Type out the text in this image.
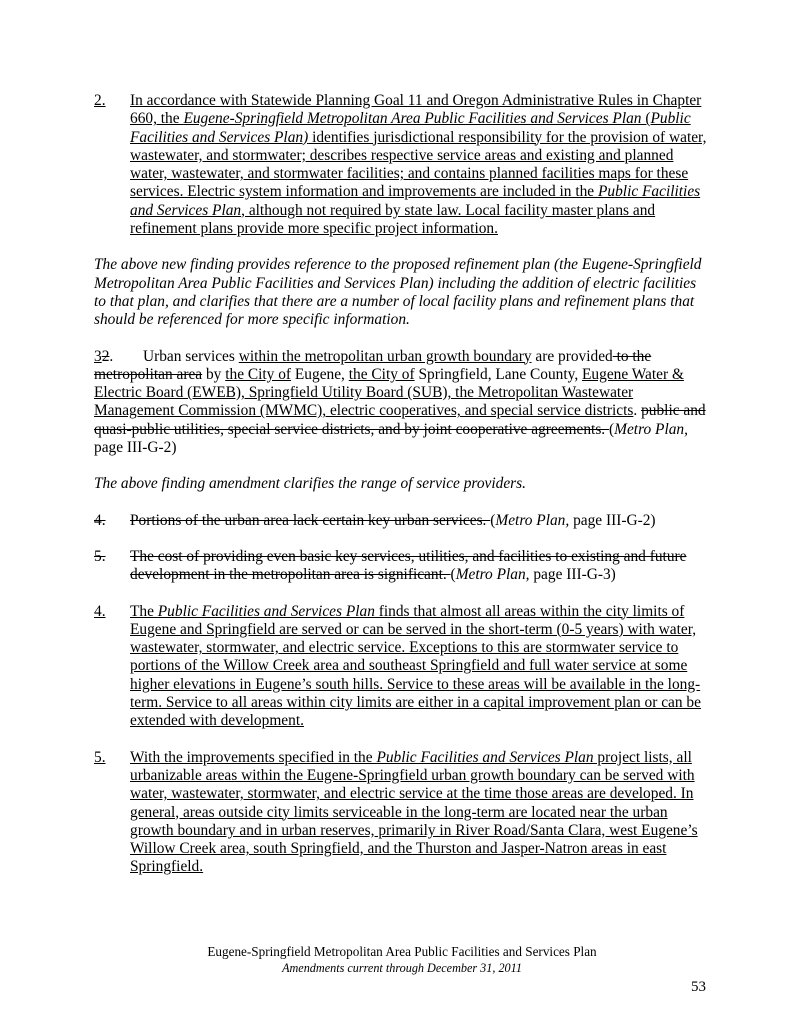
2. In accordance with Statewide Planning Goal 11 and Oregon Administrative Rules in Chapter 660, the Eugene-Springfield Metropolitan Area Public Facilities and Services Plan (Public Facilities and Services Plan) identifies jurisdictional responsibility for the provision of water, wastewater, and stormwater; describes respective service areas and existing and planned water, wastewater, and stormwater facilities; and contains planned facilities maps for these services. Electric system information and improvements are included in the Public Facilities and Services Plan, although not required by state law. Local facility master plans and refinement plans provide more specific project information.
The above new finding provides reference to the proposed refinement plan (the Eugene-Springfield Metropolitan Area Public Facilities and Services Plan) including the addition of electric facilities to that plan, and clarifies that there are a number of local facility plans and refinement plans that should be referenced for more specific information.
32. Urban services within the metropolitan urban growth boundary are provided to the metropolitan area by the City of Eugene, the City of Springfield, Lane County, Eugene Water & Electric Board (EWEB), Springfield Utility Board (SUB), the Metropolitan Wastewater Management Commission (MWMC), electric cooperatives, and special service districts. public and quasi-public utilities, special service districts, and by joint cooperative agreements. (Metro Plan, page III-G-2)
The above finding amendment clarifies the range of service providers.
4. Portions of the urban area lack certain key urban services. (Metro Plan, page III-G-2)
5. The cost of providing even basic key services, utilities, and facilities to existing and future development in the metropolitan area is significant. (Metro Plan, page III-G-3)
4. The Public Facilities and Services Plan finds that almost all areas within the city limits of Eugene and Springfield are served or can be served in the short-term (0-5 years) with water, wastewater, stormwater, and electric service. Exceptions to this are stormwater service to portions of the Willow Creek area and southeast Springfield and full water service at some higher elevations in Eugene’s south hills. Service to these areas will be available in the long-term. Service to all areas within city limits are either in a capital improvement plan or can be extended with development.
5. With the improvements specified in the Public Facilities and Services Plan project lists, all urbanizable areas within the Eugene-Springfield urban growth boundary can be served with water, wastewater, stormwater, and electric service at the time those areas are developed. In general, areas outside city limits serviceable in the long-term are located near the urban growth boundary and in urban reserves, primarily in River Road/Santa Clara, west Eugene’s Willow Creek area, south Springfield, and the Thurston and Jasper-Natron areas in east Springfield.
Eugene-Springfield Metropolitan Area Public Facilities and Services Plan
Amendments current through December 31, 2011
53
